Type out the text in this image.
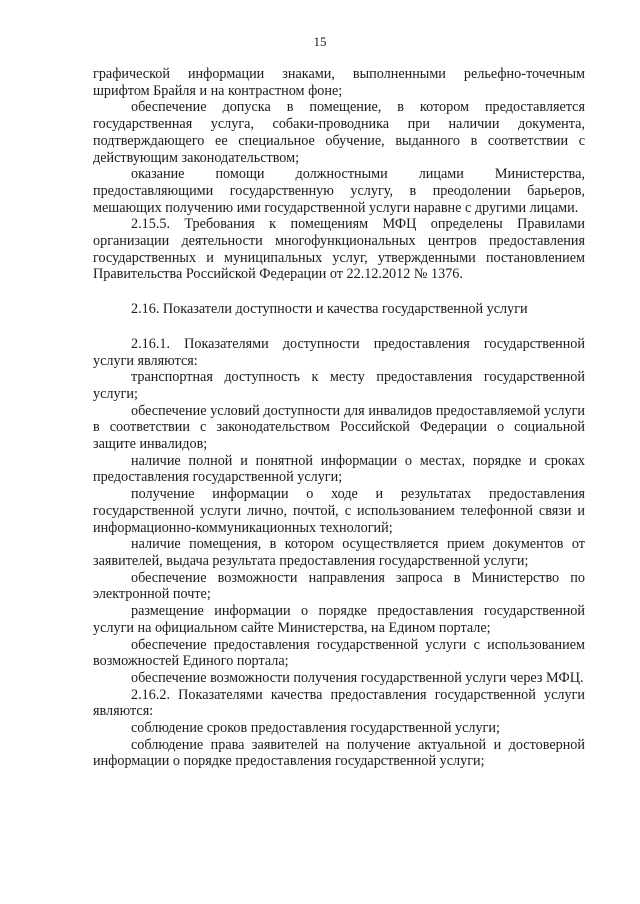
15

графической информации знаками, выполненными рельефно-точечным шрифтом Брайля и на контрастном фоне;

обеспечение допуска в помещение, в котором предоставляется государственная услуга, собаки-проводника при наличии документа, подтверждающего ее специальное обучение, выданного в соответствии с действующим законодательством;

оказание помощи должностными лицами Министерства, предоставляющими государственную услугу, в преодолении барьеров, мешающих получению ими государственной услуги наравне с другими лицами.

2.15.5. Требования к помещениям МФЦ определены Правилами организации деятельности многофункциональных центров предоставления государственных и муниципальных услуг, утвержденными постановлением Правительства Российской Федерации от 22.12.2012 № 1376.

2.16. Показатели доступности и качества государственной услуги

2.16.1. Показателями доступности предоставления государственной услуги являются:

транспортная доступность к месту предоставления государственной услуги;

обеспечение условий доступности для инвалидов предоставляемой услуги в соответствии с законодательством Российской Федерации о социальной защите инвалидов;

наличие полной и понятной информации о местах, порядке и сроках предоставления государственной услуги;

получение информации о ходе и результатах предоставления государственной услуги лично, почтой, с использованием телефонной связи и информационно-коммуникационных технологий;

наличие помещения, в котором осуществляется прием документов от заявителей, выдача результата предоставления государственной услуги;

обеспечение возможности направления запроса в Министерство по электронной почте;

размещение информации о порядке предоставления государственной услуги на официальном сайте Министерства, на Едином портале;

обеспечение предоставления государственной услуги с использованием возможностей Единого портала;

обеспечение возможности получения государственной услуги через МФЦ.

2.16.2. Показателями качества предоставления государственной услуги являются:

соблюдение сроков предоставления государственной услуги;

соблюдение права заявителей на получение актуальной и достоверной информации о порядке предоставления государственной услуги;
